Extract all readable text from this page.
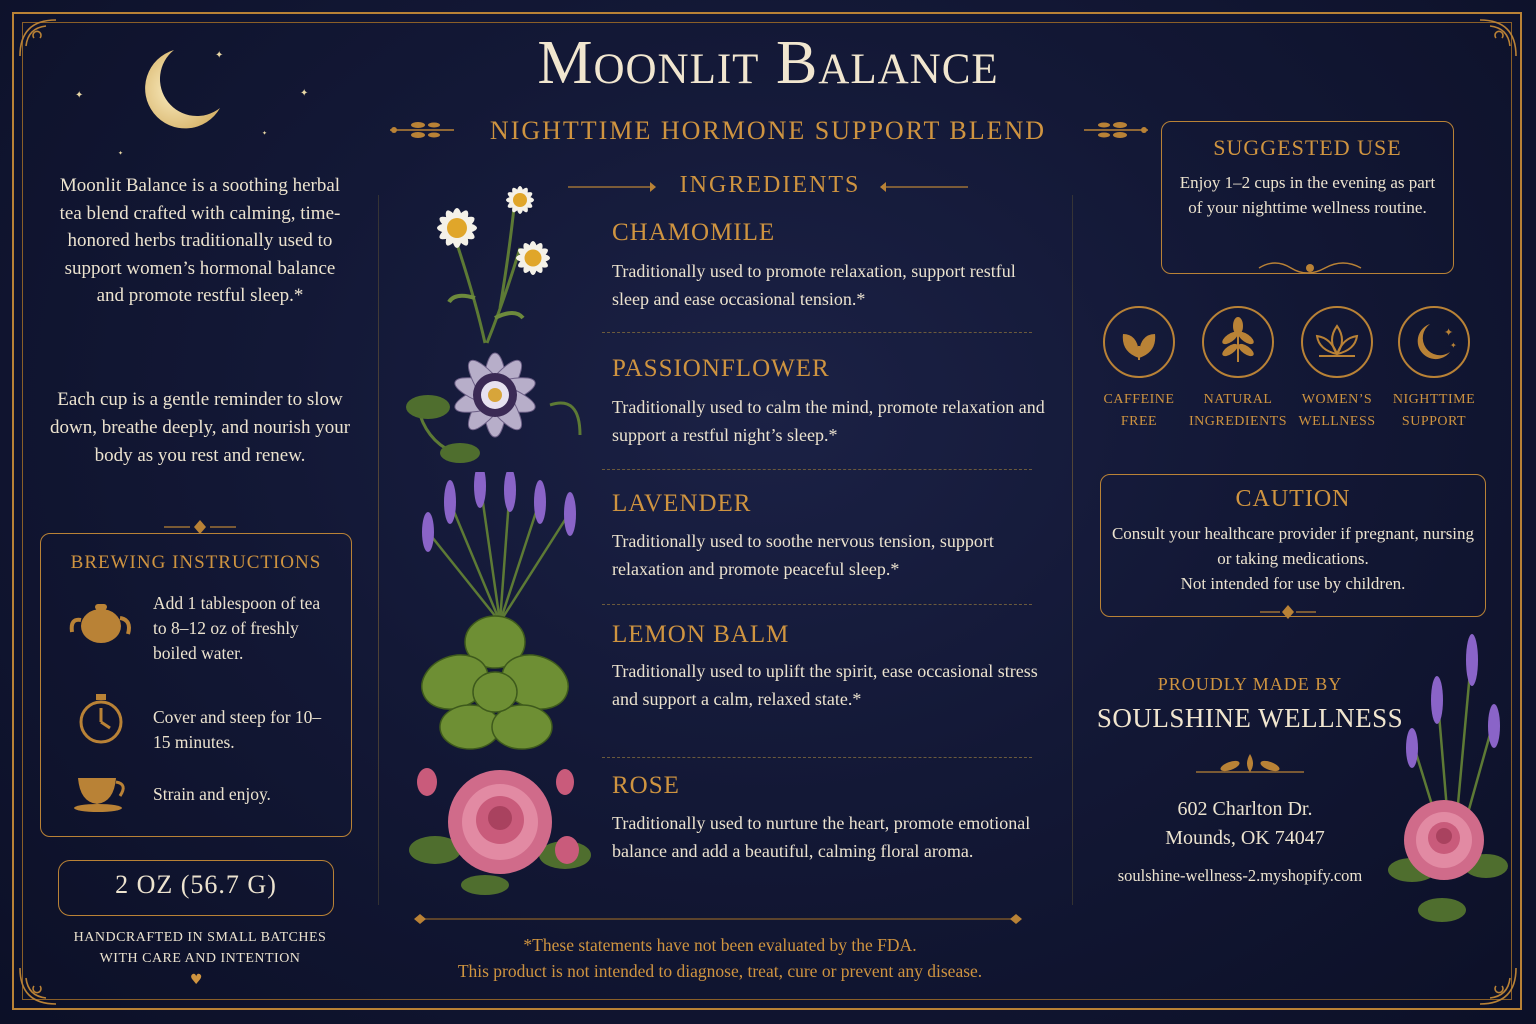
✦
✦
✦
✦
✦
Moonlit Balance
NIGHTTIME HORMONE SUPPORT BLEND
Moonlit Balance is a soothing herbal tea blend crafted with calming, time-honored herbs traditionally used to support women’s hormonal balance and promote restful sleep.*
Each cup is a gentle reminder to slow down, breathe deeply, and nourish your body as you rest and renew.
BREWING INSTRUCTIONS
Add 1 tablespoon of tea to 8–12 oz of freshly boiled water.
Cover and steep for 10–15 minutes.
Strain and enjoy.
2 OZ (56.7 G)
HANDCRAFTED IN SMALL BATCHES
WITH CARE AND INTENTION
♥
INGREDIENTS
CHAMOMILE
Traditionally used to promote relaxation, support restful sleep and ease occasional tension.*
PASSIONFLOWER
Traditionally used to calm the mind, promote relaxation and support a restful night’s sleep.*
LAVENDER
Traditionally used to soothe nervous tension, support relaxation and promote peaceful sleep.*
LEMON BALM
Traditionally used to uplift the spirit, ease occasional stress and support a calm, relaxed state.*
ROSE
Traditionally used to nurture the heart, promote emotional balance and add a beautiful, calming floral aroma.
*These statements have not been evaluated by the FDA.
This product is not intended to diagnose, treat, cure or prevent any disease.
SUGGESTED USE
Enjoy 1–2 cups in the evening as part of your nighttime wellness routine.
✦
✦
CAFFEINE
FREE
NATURAL
INGREDIENTS
WOMEN’S
WELLNESS
NIGHTTIME
SUPPORT
CAUTION
Consult your healthcare provider if pregnant, nursing or taking medications.
Not intended for use by children.
PROUDLY MADE BY
SOULSHINE WELLNESS
602 Charlton Dr.
Mounds, OK 74047
soulshine-wellness-2.myshopify.com
